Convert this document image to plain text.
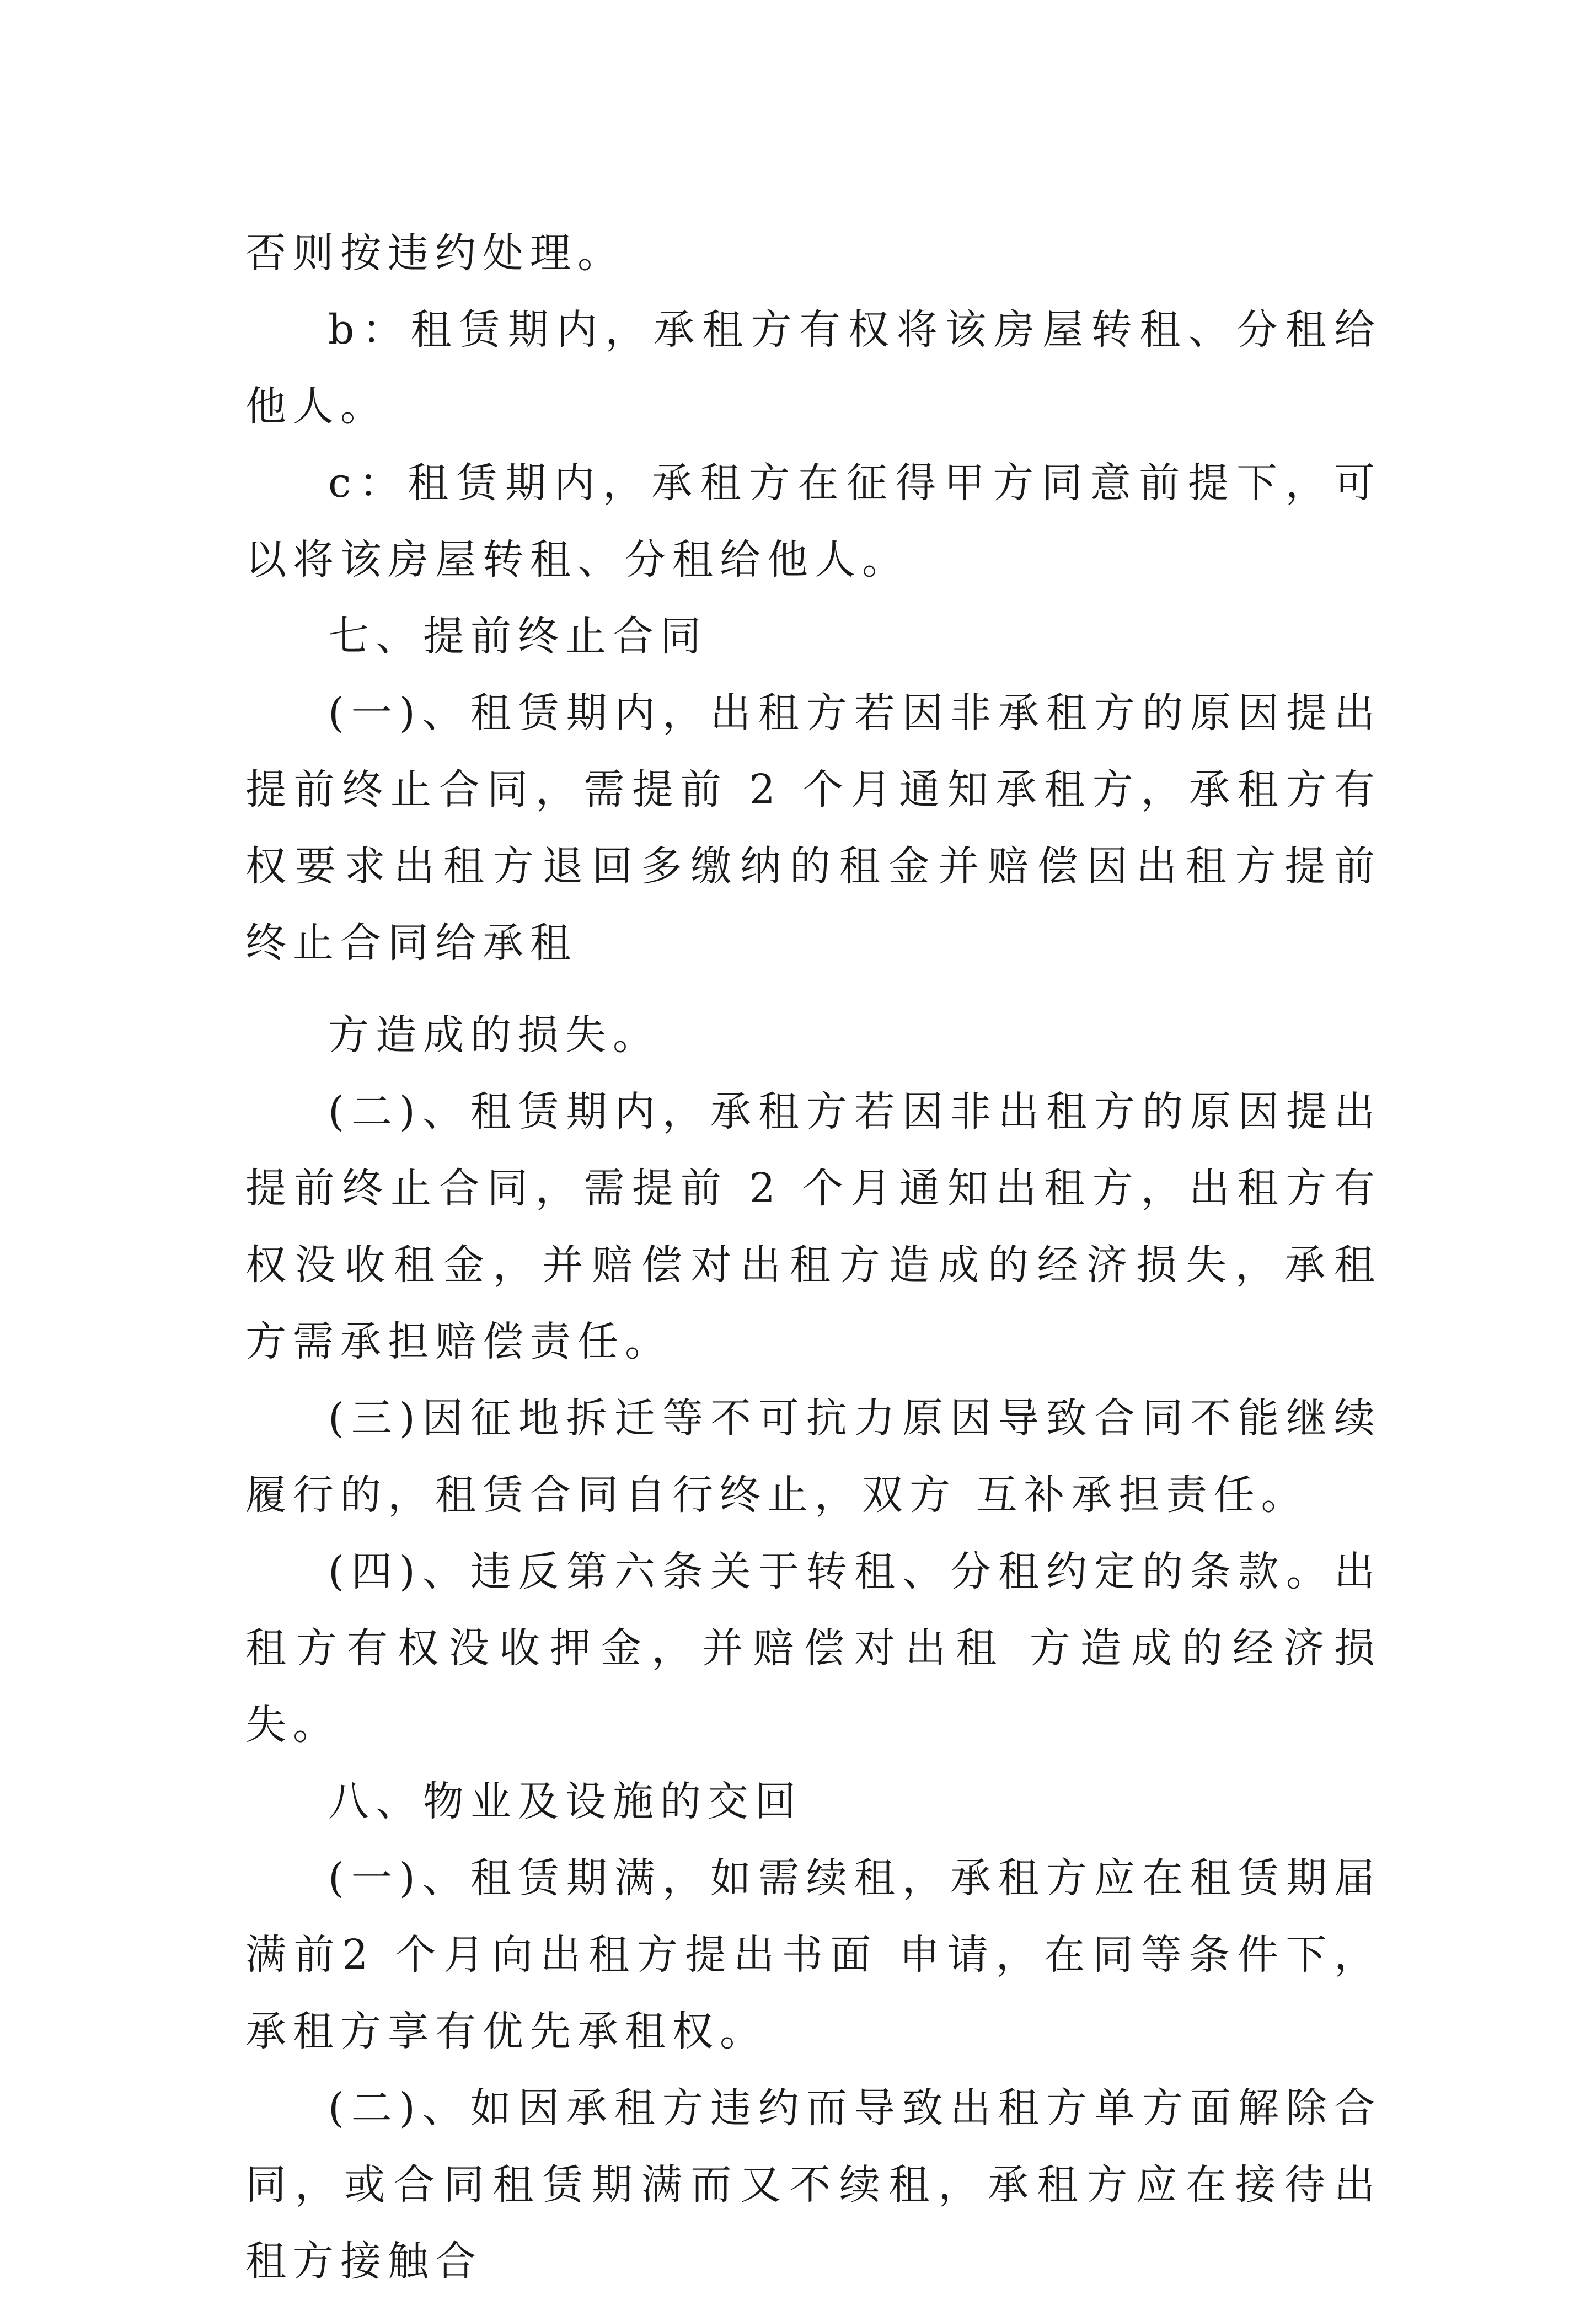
否则按违约处理。

b：租赁期内，承租方有权将该房屋转租、分租给他人。

c：租赁期内，承租方在征得甲方同意前提下，可以将该房屋转租、分租给他人。

七、提前终止合同

(一)、租赁期内，出租方若因非承租方的原因提出提前终止合同，需提前 2 个月通知承租方，承租方有权要求出租方退回多缴纳的租金并赔偿因出租方提前终止合同给承租

方造成的损失。

(二)、租赁期内，承租方若因非出租方的原因提出提前终止合同，需提前 2 个月通知出租方，出租方有权没收租金，并赔偿对出租方造成的经济损失，承租方需承担赔偿责任。

(三)因征地拆迁等不可抗力原因导致合同不能继续履行的，租赁合同自行终止，双方 互补承担责任。

(四)、违反第六条关于转租、分租约定的条款。出租方有权没收押金，并赔偿对出租 方造成的经济损失。

八、物业及设施的交回

(一)、租赁期满，如需续租，承租方应在租赁期届满前2 个月向出租方提出书面 申请，在同等条件下，承租方享有优先承租权。

(二)、如因承租方违约而导致出租方单方面解除合同，或合同租赁期满而又不续租，承租方应在接待出租方接触合
